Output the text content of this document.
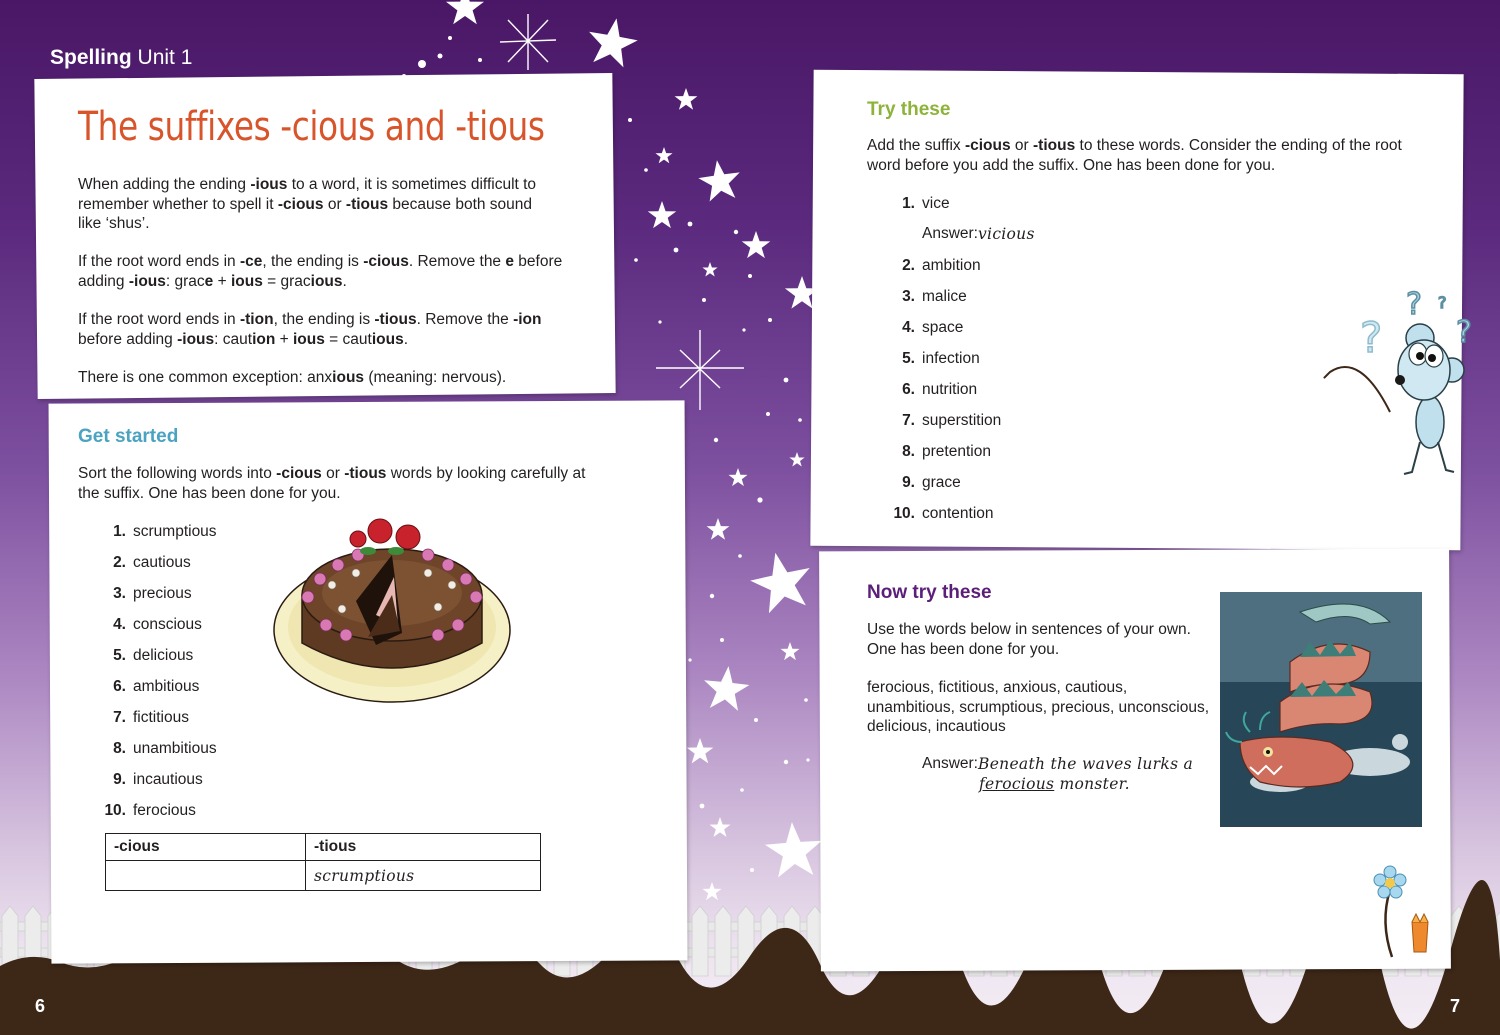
Spelling Unit 1
The suffixes -cious and -tious

When adding the ending -ious to a word, it is sometimes difficult to remember whether to spell it -cious or -tious because both sound like ‘shus’.

If the root word ends in -ce, the ending is -cious. Remove the e before adding -ious: grace + ious = gracious.

If the root word ends in -tion, the ending is -tious. Remove the -ion before adding -ious: caution + ious = cautious.

There is one common exception: anxious (meaning: nervous).

Get started

Sort the following words into -cious or -tious words by looking carefully at the suffix. One has been done for you.

1. scrumptious
2. cautious
3. precious
4. conscious
5. delicious
6. ambitious
7. fictitious
8. unambitious
9. incautious
10. ferocious
-cious	-tious
	scrumptious
Try these

Add the suffix -cious or -tious to these words. Consider the ending of the root word before you add the suffix. One has been done for you.

1. vice
Answer: vicious
2. ambition
3. malice
4. space
5. infection
6. nutrition
7. superstition
8. pretention
9. grace
10. contention
?
? ?
?
Now try these

Use the words below in sentences of your own. One has been done for you.

ferocious, fictitious, anxious, cautious, unambitious, scrumptious, precious, unconscious, delicious, incautious

Answer: Beneath the waves lurks a
ferocious monster.
6	7
